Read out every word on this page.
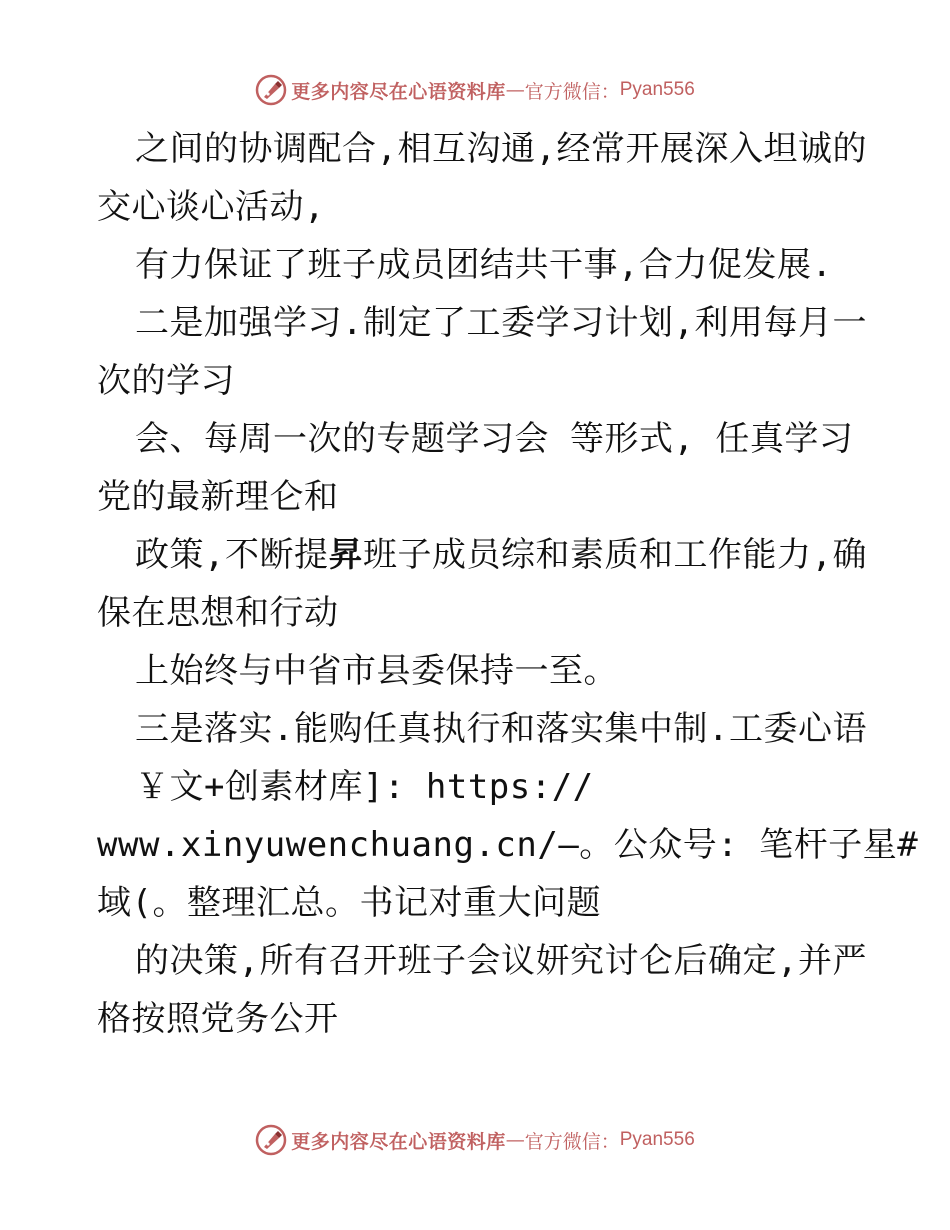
更多内容尽在心语资料库 — 官方微信： Pyan556
之间的协调配合,相互沟通,经常开展深入坦诚的
交心谈心活动,
有力保证了班子成员团结共干事,合力促发展.
二是加强学习.制定了工委学习计划,利用每月一
次的学习
会、每周一次的专题学习会 等形式, 任真学习
党的最新理仑和
政策,不断提昇班子成员综和素质和工作能力,确
保在思想和行动
上始终与中省市县委保持一至。
三是落实.能购任真执行和落实集中制.工委心语
￥文+创素材库]: https://
www.xinyuwenchuang.cn/—。公众号: 笔杆子星#
域(。整理汇总。书记对重大问题
的决策,所有召开班子会议妍究讨仑后确定,并严
格按照党务公开
更多内容尽在心语资料库 — 官方微信： Pyan556
